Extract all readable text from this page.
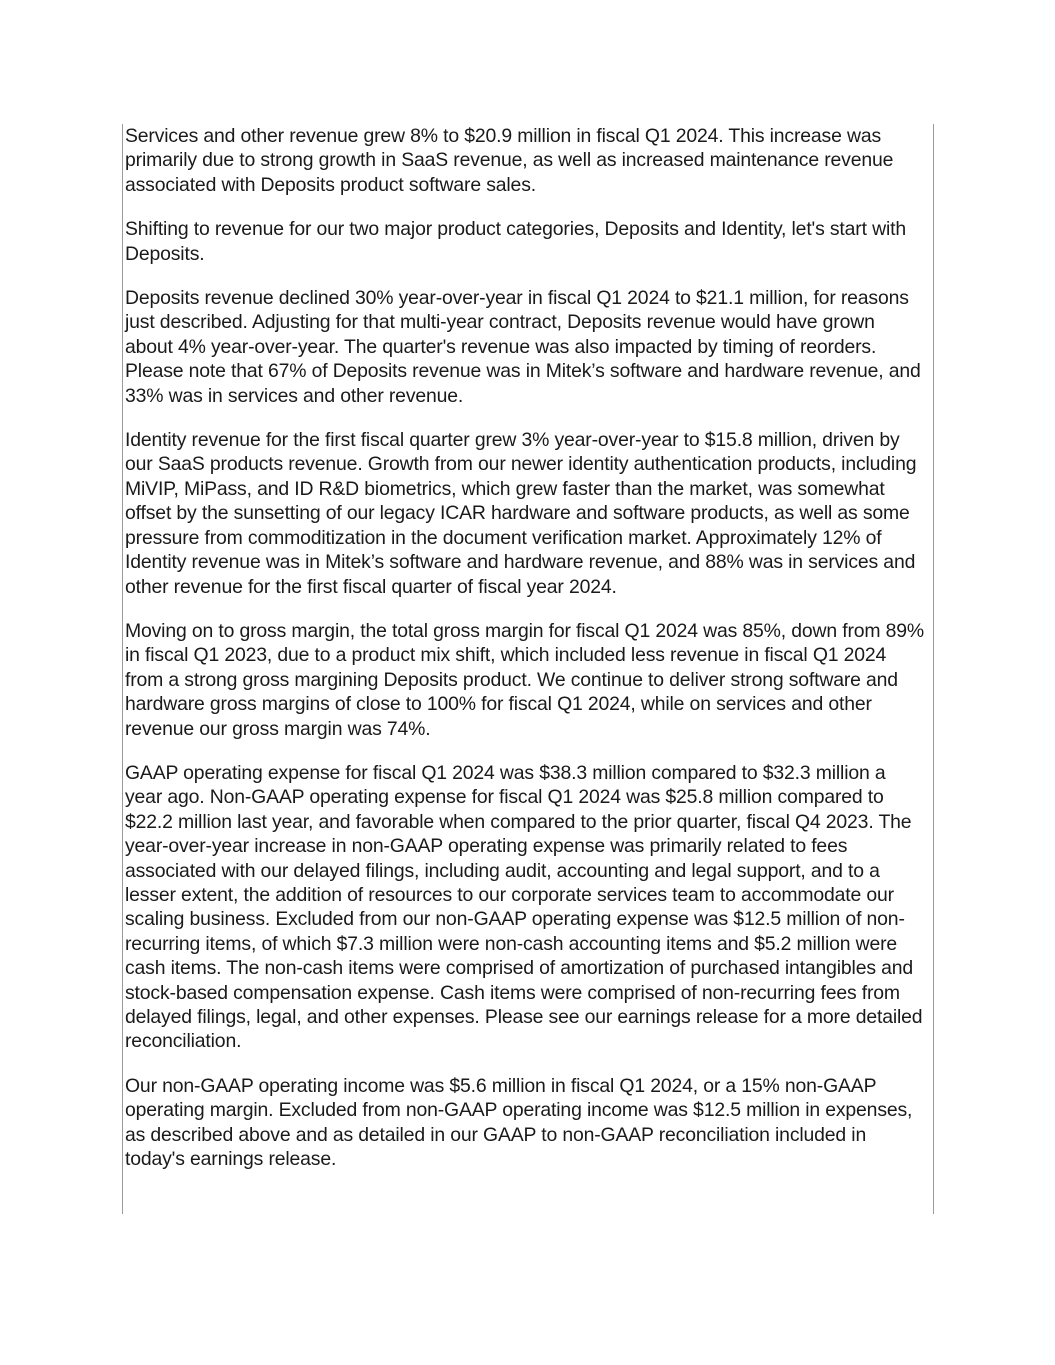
Services and other revenue grew 8% to $20.9 million in fiscal Q1 2024. This increase was primarily due to strong growth in SaaS revenue, as well as increased maintenance revenue associated with Deposits product software sales.

Shifting to revenue for our two major product categories, Deposits and Identity, let's start with Deposits.

Deposits revenue declined 30% year-over-year in fiscal Q1 2024 to $21.1 million, for reasons just described. Adjusting for that multi-year contract, Deposits revenue would have grown about 4% year-over-year. The quarter's revenue was also impacted by timing of reorders. Please note that 67% of Deposits revenue was in Mitek’s software and hardware revenue, and 33% was in services and other revenue.

Identity revenue for the first fiscal quarter grew 3% year-over-year to $15.8 million, driven by our SaaS products revenue. Growth from our newer identity authentication products, including MiVIP, MiPass, and ID R&D biometrics, which grew faster than the market, was somewhat offset by the sunsetting of our legacy ICAR hardware and software products, as well as some pressure from commoditization in the document verification market. Approximately 12% of Identity revenue was in Mitek’s software and hardware revenue, and 88% was in services and other revenue for the first fiscal quarter of fiscal year 2024.

Moving on to gross margin, the total gross margin for fiscal Q1 2024 was 85%, down from 89% in fiscal Q1 2023, due to a product mix shift, which included less revenue in fiscal Q1 2024 from a strong gross margining Deposits product. We continue to deliver strong software and hardware gross margins of close to 100% for fiscal Q1 2024, while on services and other revenue our gross margin was 74%.

GAAP operating expense for fiscal Q1 2024 was $38.3 million compared to $32.3 million a year ago. Non-GAAP operating expense for fiscal Q1 2024 was $25.8 million compared to $22.2 million last year, and favorable when compared to the prior quarter, fiscal Q4 2023. The year-over-year increase in non-GAAP operating expense was primarily related to fees associated with our delayed filings, including audit, accounting and legal support, and to a lesser extent, the addition of resources to our corporate services team to accommodate our scaling business. Excluded from our non-GAAP operating expense was $12.5 million of non-recurring items, of which $7.3 million were non-cash accounting items and $5.2 million were cash items. The non-cash items were comprised of amortization of purchased intangibles and stock-based compensation expense. Cash items were comprised of non-recurring fees from delayed filings, legal, and other expenses. Please see our earnings release for a more detailed reconciliation.

Our non-GAAP operating income was $5.6 million in fiscal Q1 2024, or a 15% non-GAAP operating margin. Excluded from non-GAAP operating income was $12.5 million in expenses, as described above and as detailed in our GAAP to non-GAAP reconciliation included in today's earnings release.
